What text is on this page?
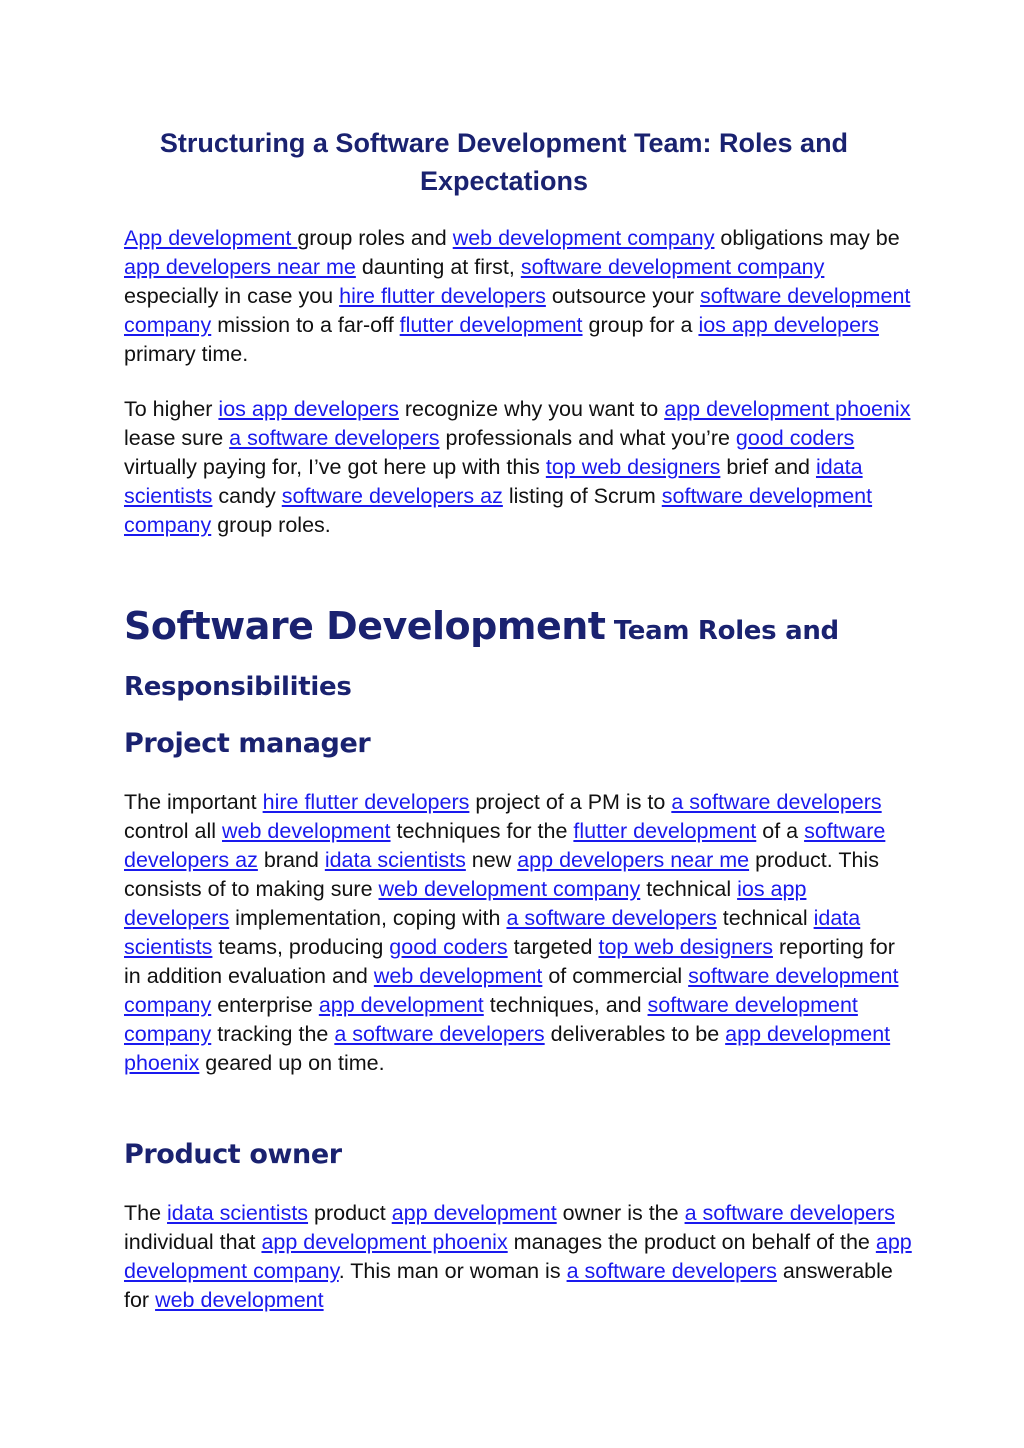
Structuring a Software Development Team: Roles and Expectations

App development group roles and web development company obligations may be app developers near me daunting at first, software development company especially in case you hire flutter developers outsource your software development company mission to a far-off flutter development group for a ios app developers primary time.

To higher ios app developers recognize why you want to app development phoenix lease sure a software developers professionals and what you’re good coders virtually paying for, I’ve got here up with this top web designers brief and idata scientists candy software developers az listing of Scrum software development company group roles.

Software Development Team Roles and
Responsibilities
Project manager

The important hire flutter developers project of a PM is to a software developers control all web development techniques for the flutter development of a software developers az brand idata scientists new app developers near me product. This consists of to making sure web development company technical ios app developers implementation, coping with a software developers technical idata scientists teams, producing good coders targeted top web designers reporting for in addition evaluation and web development of commercial software development company enterprise app development techniques, and software development company tracking the a software developers deliverables to be app development phoenix geared up on time.

Product owner

The idata scientists product app development owner is the a software developers individual that app development phoenix manages the product on behalf of the app development company. This man or woman is a software developers answerable for web development
